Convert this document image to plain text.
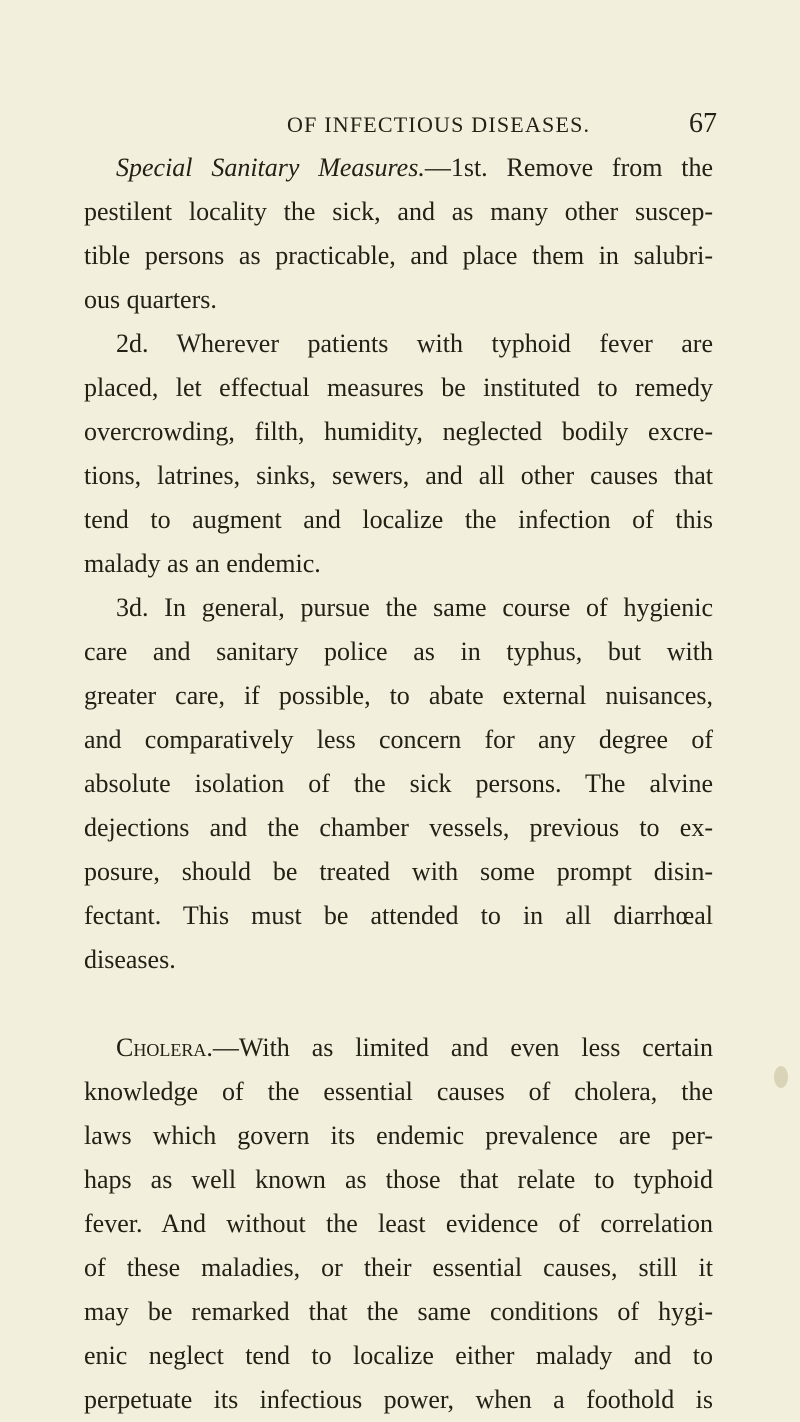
OF INFECTIOUS DISEASES.	67
Special Sanitary Measures.—1st. Remove from the
pestilent locality the sick, and as many other suscep-
tible persons as practicable, and place them in salubri-
ous quarters.
2d. Wherever patients with typhoid fever are
placed, let effectual measures be instituted to remedy
overcrowding, filth, humidity, neglected bodily excre-
tions, latrines, sinks, sewers, and all other causes that
tend to augment and localize the infection of this
malady as an endemic.
3d. In general, pursue the same course of hygienic
care and sanitary police as in typhus, but with
greater care, if possible, to abate external nuisances,
and comparatively less concern for any degree of
absolute isolation of the sick persons. The alvine
dejections and the chamber vessels, previous to ex-
posure, should be treated with some prompt disin-
fectant. This must be attended to in all diarrhœal
diseases.
Cholera.—With as limited and even less certain
knowledge of the essential causes of cholera, the
laws which govern its endemic prevalence are per-
haps as well known as those that relate to typhoid
fever. And without the least evidence of correlation
of these maladies, or their essential causes, still it
may be remarked that the same conditions of hygi-
enic neglect tend to localize either malady and to
perpetuate its infectious power, when a foothold is
